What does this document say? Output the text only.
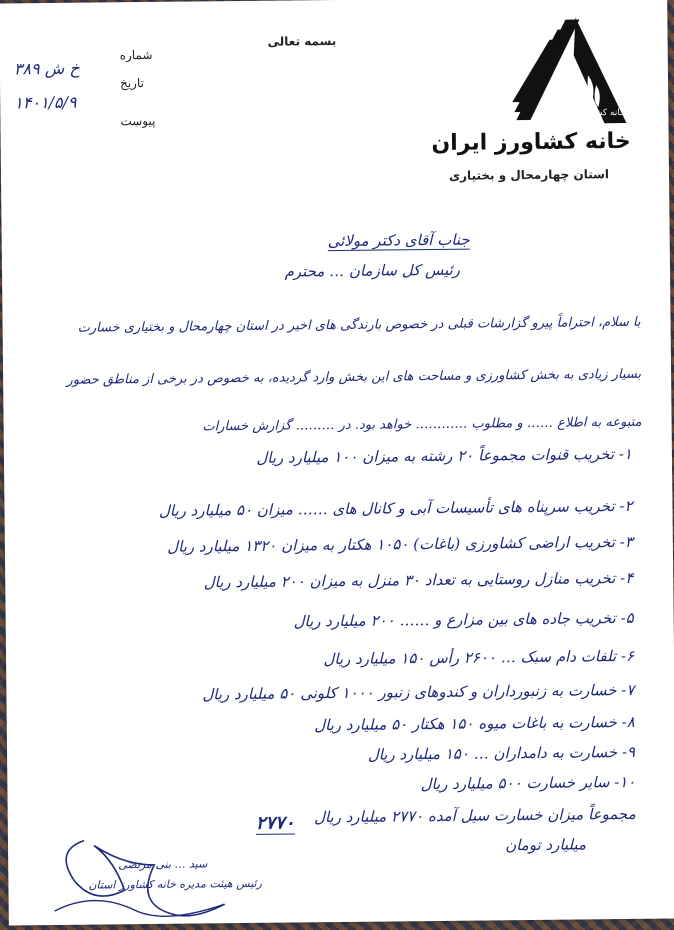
شماره
تاریخ
پیوست
۳۸۹ خ ش
۱۴۰۱/۵/۹
بسمه تعالی
خانه کشاورز
خانه کشاورز ایران
استان چهارمحال و بختیاری
جناب آقای دکتر مولائی
رئیس کل سازمان … محترم
با سلام، احتراماً پیرو گزارشات قبلی در خصوص بارندگی های اخیر در استان چهارمحال و بختیاری خسارت
بسیار زیادی به بخش کشاورزی و مساحت های این بخش وارد گردیده، به خصوص در برخی از مناطق حضور
متبوعه به اطلاع …… و مطلوب ………… خواهد بود. در ……… گزارش خسارات
۱- تخریب قنوات مجموعاً ۲۰ رشته به میزان ۱۰۰ میلیارد ریال
۲- تخریب سرپناه های تأسیسات آبی و کانال های …… میزان ۵۰ میلیارد ریال
۳- تخریب اراضی کشاورزی (باغات) ۱۰۵۰ هکتار به میزان ۱۳۲۰ میلیارد ریال
۴- تخریب منازل روستایی به تعداد ۳۰ منزل به میزان ۲۰۰ میلیارد ریال
۵- تخریب جاده های بین مزارع و …… ۲۰۰ میلیارد ریال
۶- تلفات دام سبک … ۲۶۰۰ رأس ۱۵۰ میلیارد ریال
۷- خسارت به زنبورداران و کندوهای زنبور ۱۰۰۰ کلونی ۵۰ میلیارد ریال
۸- خسارت به باغات میوه ۱۵۰ هکتار ۵۰ میلیارد ریال
۹- خسارت به دامداران … ۱۵۰ میلیارد ریال
۱۰- سایر خسارت ۵۰۰ میلیارد ریال
مجموعاً میزان خسارت سیل آمده ۲۷۷۰ میلیارد ریال
میلیارد تومان
۲۷۷۰
سید … بنی مرتضی
رئیس هیئت مدیره خانه کشاورز استان
